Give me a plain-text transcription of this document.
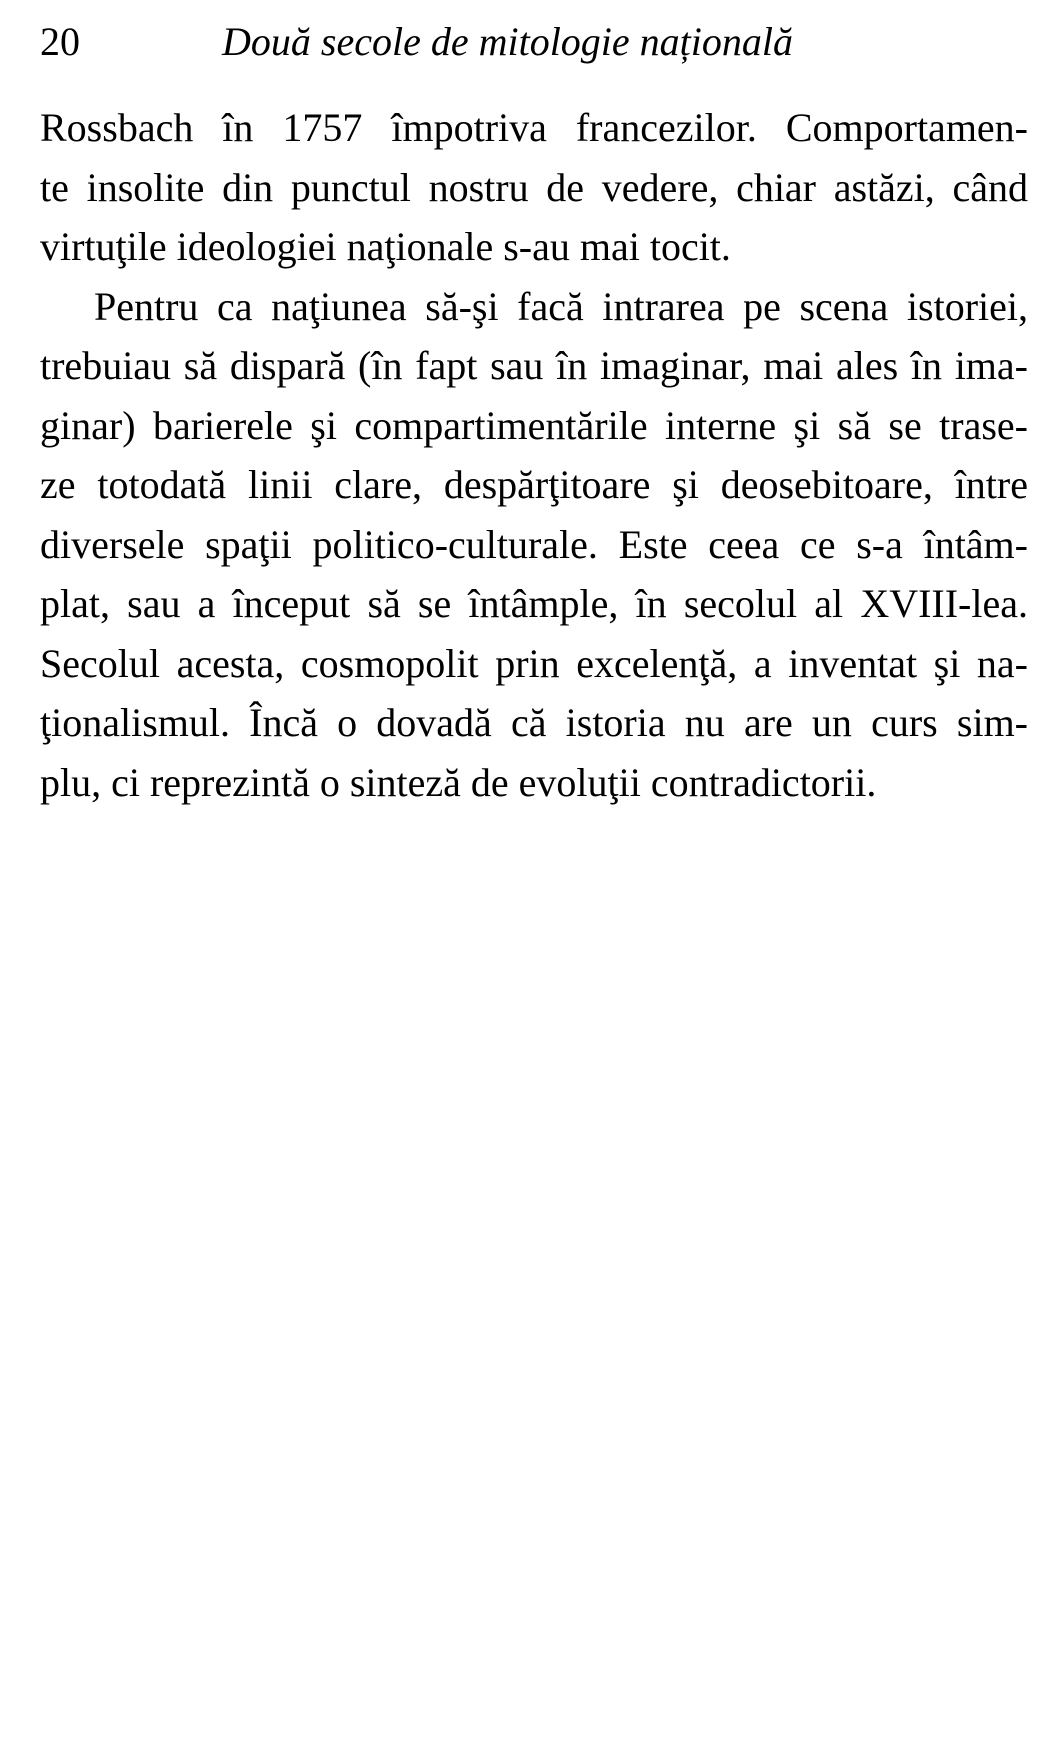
20	Două secole de mitologie națională
Rossbach în 1757 împotriva francezilor. Comportamen-
te insolite din punctul nostru de vedere, chiar astăzi, când
virtuţile ideologiei naţionale s-au mai tocit.
Pentru ca naţiunea să-şi facă intrarea pe scena istoriei,
trebuiau să dispară (în fapt sau în imaginar, mai ales în ima-
ginar) barierele şi compartimentările interne şi să se trase-
ze totodată linii clare, despărţitoare şi deosebitoare, între
diversele spaţii politico-culturale. Este ceea ce s-a întâm-
plat, sau a început să se întâmple, în secolul al XVIII-lea.
Secolul acesta, cosmopolit prin excelenţă, a inventat şi na-
ţionalismul. Încă o dovadă că istoria nu are un curs sim-
plu, ci reprezintă o sinteză de evoluţii contradictorii.
